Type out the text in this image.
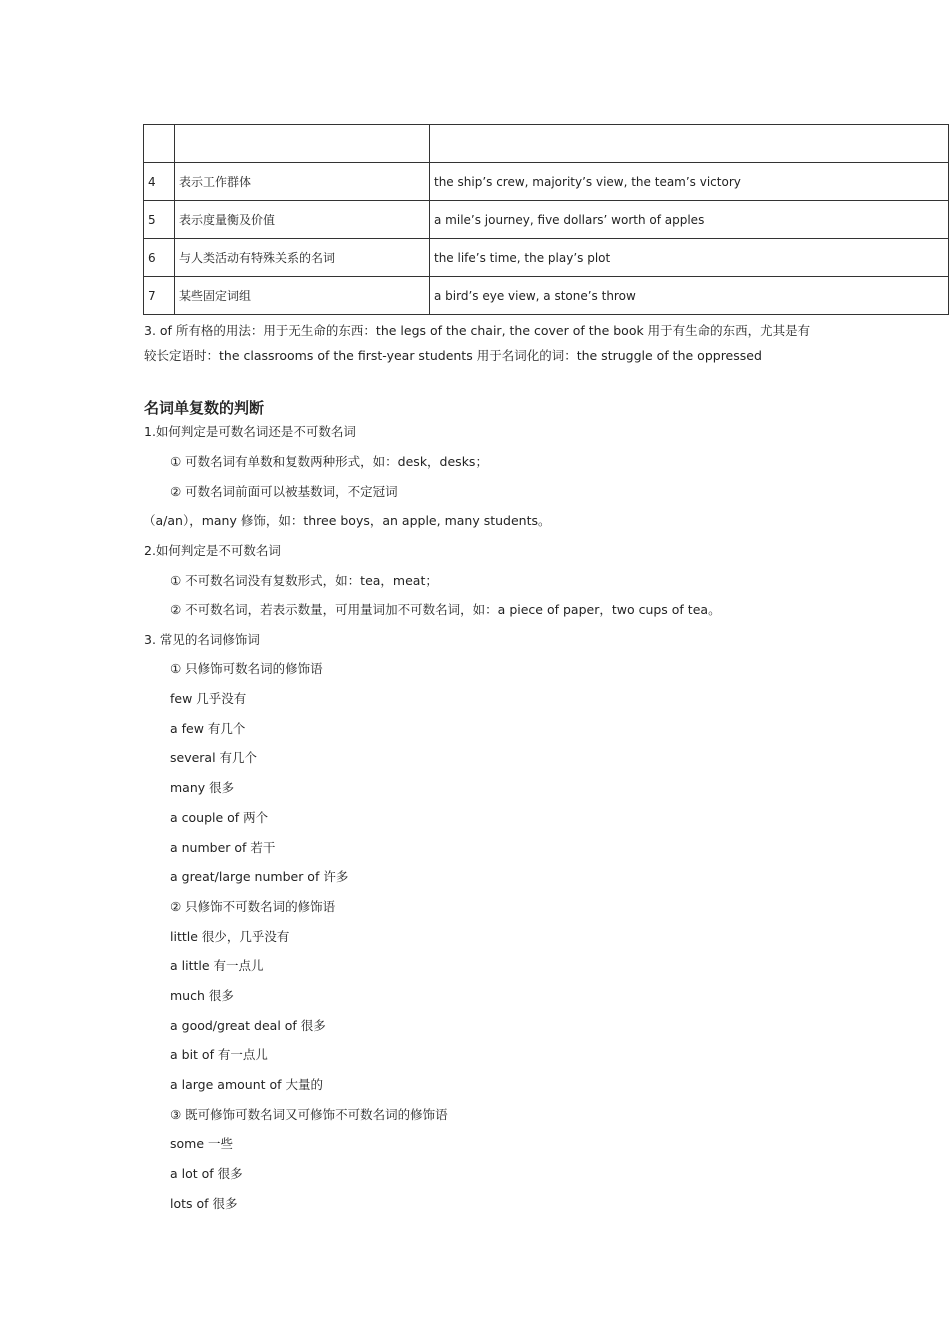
4	表示工作群体	the ship’s crew, majority’s view, the team’s victory
5	表示度量衡及价值	a mile’s journey, five dollars’ worth of apples
6	与人类活动有特殊关系的名词	the life’s time, the play’s plot
7	某些固定词组	a bird’s eye view, a stone’s throw
3. of 所有格的用法：用于无生命的东西：the legs of the chair, the cover of the book 用于有生命的东西，尤其是有
较长定语时：the classrooms of the first-year students 用于名词化的词：the struggle of the oppressed
名词单复数的判断
1.如何判定是可数名词还是不可数名词
① 可数名词有单数和复数两种形式，如：desk，desks；
② 可数名词前面可以被基数词，不定冠词
（a/an），many 修饰，如：three boys，an apple, many students。
2.如何判定是不可数名词
① 不可数名词没有复数形式，如：tea，meat；
② 不可数名词，若表示数量，可用量词加不可数名词，如：a piece of paper，two cups of tea。
3. 常见的名词修饰词
① 只修饰可数名词的修饰语
few 几乎没有
a few 有几个
several 有几个
many 很多
a couple of 两个
a number of 若干
a great/large number of 许多
② 只修饰不可数名词的修饰语
little 很少，几乎没有
a little 有一点儿
much 很多
a good/great deal of 很多
a bit of 有一点儿
a large amount of 大量的
③ 既可修饰可数名词又可修饰不可数名词的修饰语
some 一些
a lot of 很多
lots of 很多
